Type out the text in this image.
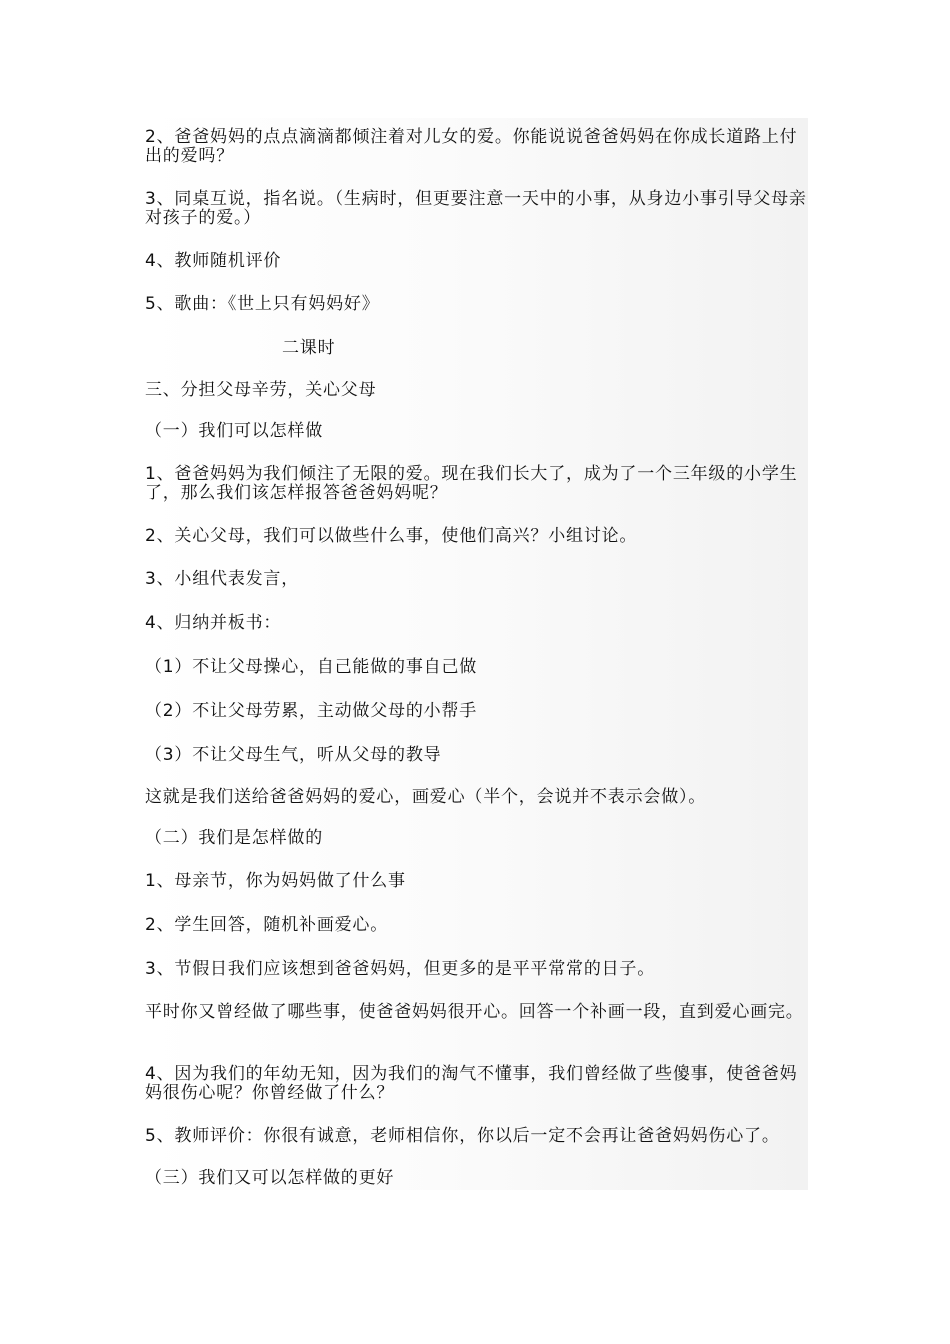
2、爸爸妈妈的点点滴滴都倾注着对儿女的爱。你能说说爸爸妈妈在你成长道路上付出的爱吗？

3、同桌互说，指名说。（生病时，但更要注意一天中的小事，从身边小事引导父母亲对孩子的爱。）

4、教师随机评价

5、歌曲：《世上只有妈妈好》

二课时

三、分担父母辛劳，关心父母

（一）我们可以怎样做

1、爸爸妈妈为我们倾注了无限的爱。现在我们长大了，成为了一个三年级的小学生了，那么我们该怎样报答爸爸妈妈呢？

2、关心父母，我们可以做些什么事，使他们高兴？小组讨论。

3、小组代表发言，

4、归纳并板书：

（1）不让父母操心，自己能做的事自己做

（2）不让父母劳累，主动做父母的小帮手

（3）不让父母生气，听从父母的教导

这就是我们送给爸爸妈妈的爱心，画爱心（半个，会说并不表示会做）。

（二）我们是怎样做的

1、母亲节，你为妈妈做了什么事

2、学生回答，随机补画爱心。

3、节假日我们应该想到爸爸妈妈，但更多的是平平常常的日子。

平时你又曾经做了哪些事，使爸爸妈妈很开心。回答一个补画一段，直到爱心画完。

4、因为我们的年幼无知，因为我们的淘气不懂事，我们曾经做了些傻事，使爸爸妈妈很伤心呢？你曾经做了什么？

5、教师评价：你很有诚意，老师相信你，你以后一定不会再让爸爸妈妈伤心了。

（三）我们又可以怎样做的更好
